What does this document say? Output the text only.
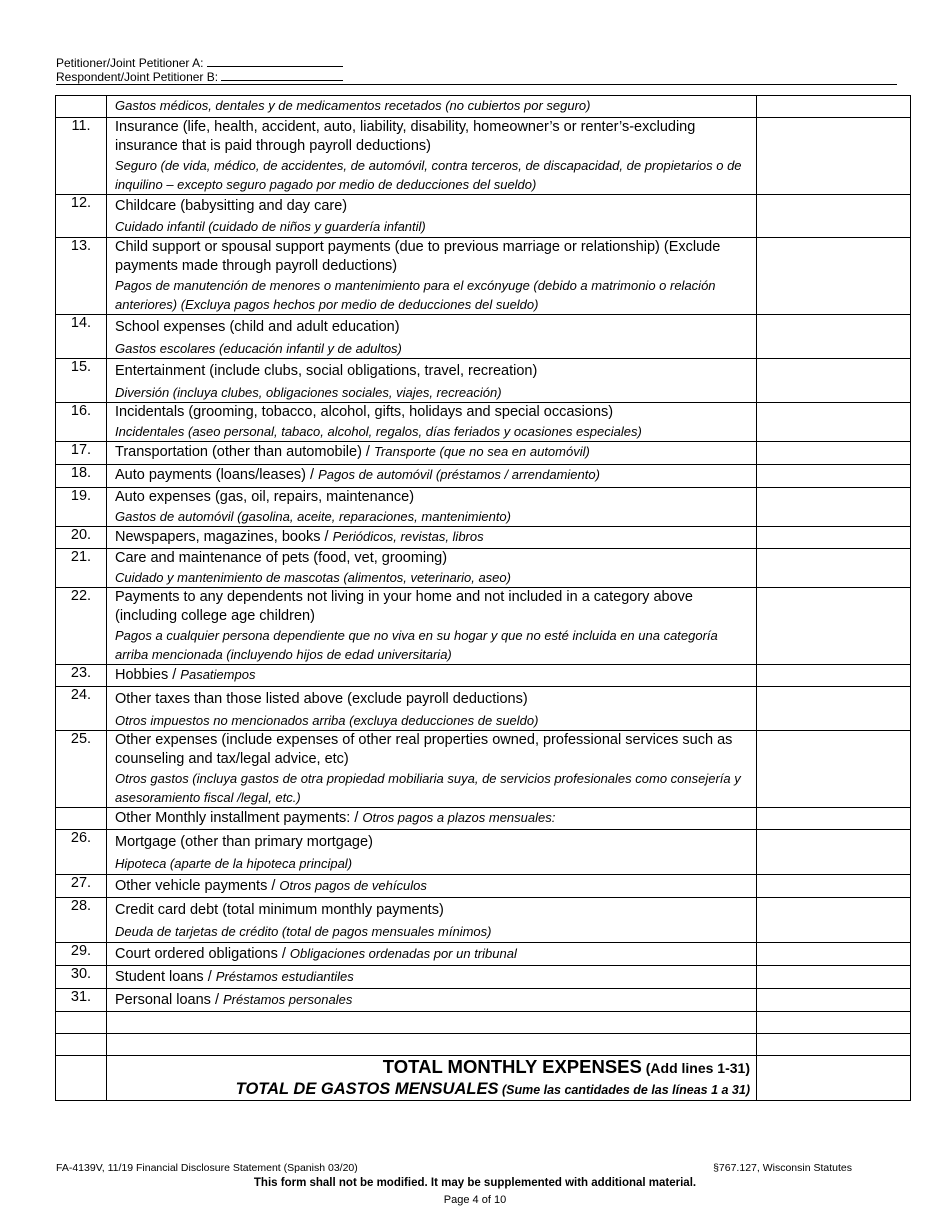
Petitioner/Joint Petitioner A:
Respondent/Joint Petitioner B:

	Gastos médicos, dentales y de medicamentos recetados (no cubiertos por seguro)	

11.	Insurance (life, health, accident, auto, liability, disability, homeowner’s or renter’s-excluding insurance that is paid through payroll deductions)
Seguro (de vida, médico, de accidentes, de automóvil, contra terceros, de discapacidad, de propietarios o de inquilino – excepto seguro pagado por medio de deducciones del sueldo)	

12.	Childcare (babysitting and day care)
Cuidado infantil (cuidado de niños y guardería infantil)	

13.	Child support or spousal support payments (due to previous marriage or relationship) (Exclude payments made through payroll deductions)
Pagos de manutención de menores o mantenimiento para el excónyuge (debido a matrimonio o relación anteriores) (Excluya pagos hechos por medio de deducciones del sueldo)	

14.	School expenses (child and adult education)
Gastos escolares (educación infantil y de adultos)	

15.	Entertainment (include clubs, social obligations, travel, recreation)
Diversión (incluya clubes, obligaciones sociales, viajes, recreación)	

16.	Incidentals (grooming, tobacco, alcohol, gifts, holidays and special occasions)
Incidentales (aseo personal, tabaco, alcohol, regalos, días feriados y ocasiones especiales)	

17.	Transportation (other than automobile) / Transporte (que no sea en automóvil)	

18.	Auto payments (loans/leases) / Pagos de automóvil (préstamos / arrendamiento)	

19.	Auto expenses (gas, oil, repairs, maintenance)
Gastos de automóvil (gasolina, aceite, reparaciones, mantenimiento)	

20.	Newspapers, magazines, books / Periódicos, revistas, libros	

21.	Care and maintenance of pets (food, vet, grooming)
Cuidado y mantenimiento de mascotas (alimentos, veterinario, aseo)	

22.	Payments to any dependents not living in your home and not included in a category above (including college age children)
Pagos a cualquier persona dependiente que no viva en su hogar y que no esté incluida en una categoría arriba mencionada (incluyendo hijos de edad universitaria)	

23.	Hobbies / Pasatiempos	

24.	Other taxes than those listed above (exclude payroll deductions)
Otros impuestos no mencionados arriba (excluya deducciones de sueldo)	

25.	Other expenses (include expenses of other real properties owned, professional services such as counseling and tax/legal advice, etc)
Otros gastos (incluya gastos de otra propiedad mobiliaria suya, de servicios profesionales como consejería y asesoramiento fiscal /legal, etc.)	

	Other Monthly installment payments: / Otros pagos a plazos mensuales:	

26.	Mortgage (other than primary mortgage)
Hipoteca (aparte de la hipoteca principal)	

27.	Other vehicle payments / Otros pagos de vehículos	

28.	Credit card debt (total minimum monthly payments)
Deuda de tarjetas de crédito (total de pagos mensuales mínimos)	

29.	Court ordered obligations / Obligaciones ordenadas por un tribunal	

30.	Student loans / Préstamos estudiantiles	

31.	Personal loans / Préstamos personales	

	TOTAL MONTHLY EXPENSES (Add lines 1-31)
TOTAL DE GASTOS MENSUALES (Sume las cantidades de las líneas 1 a 31)	

FA-4139V, 11/19 Financial Disclosure Statement (Spanish 03/20)	§767.127, Wisconsin Statutes
This form shall not be modified. It may be supplemented with additional material.
Page 4 of 10
